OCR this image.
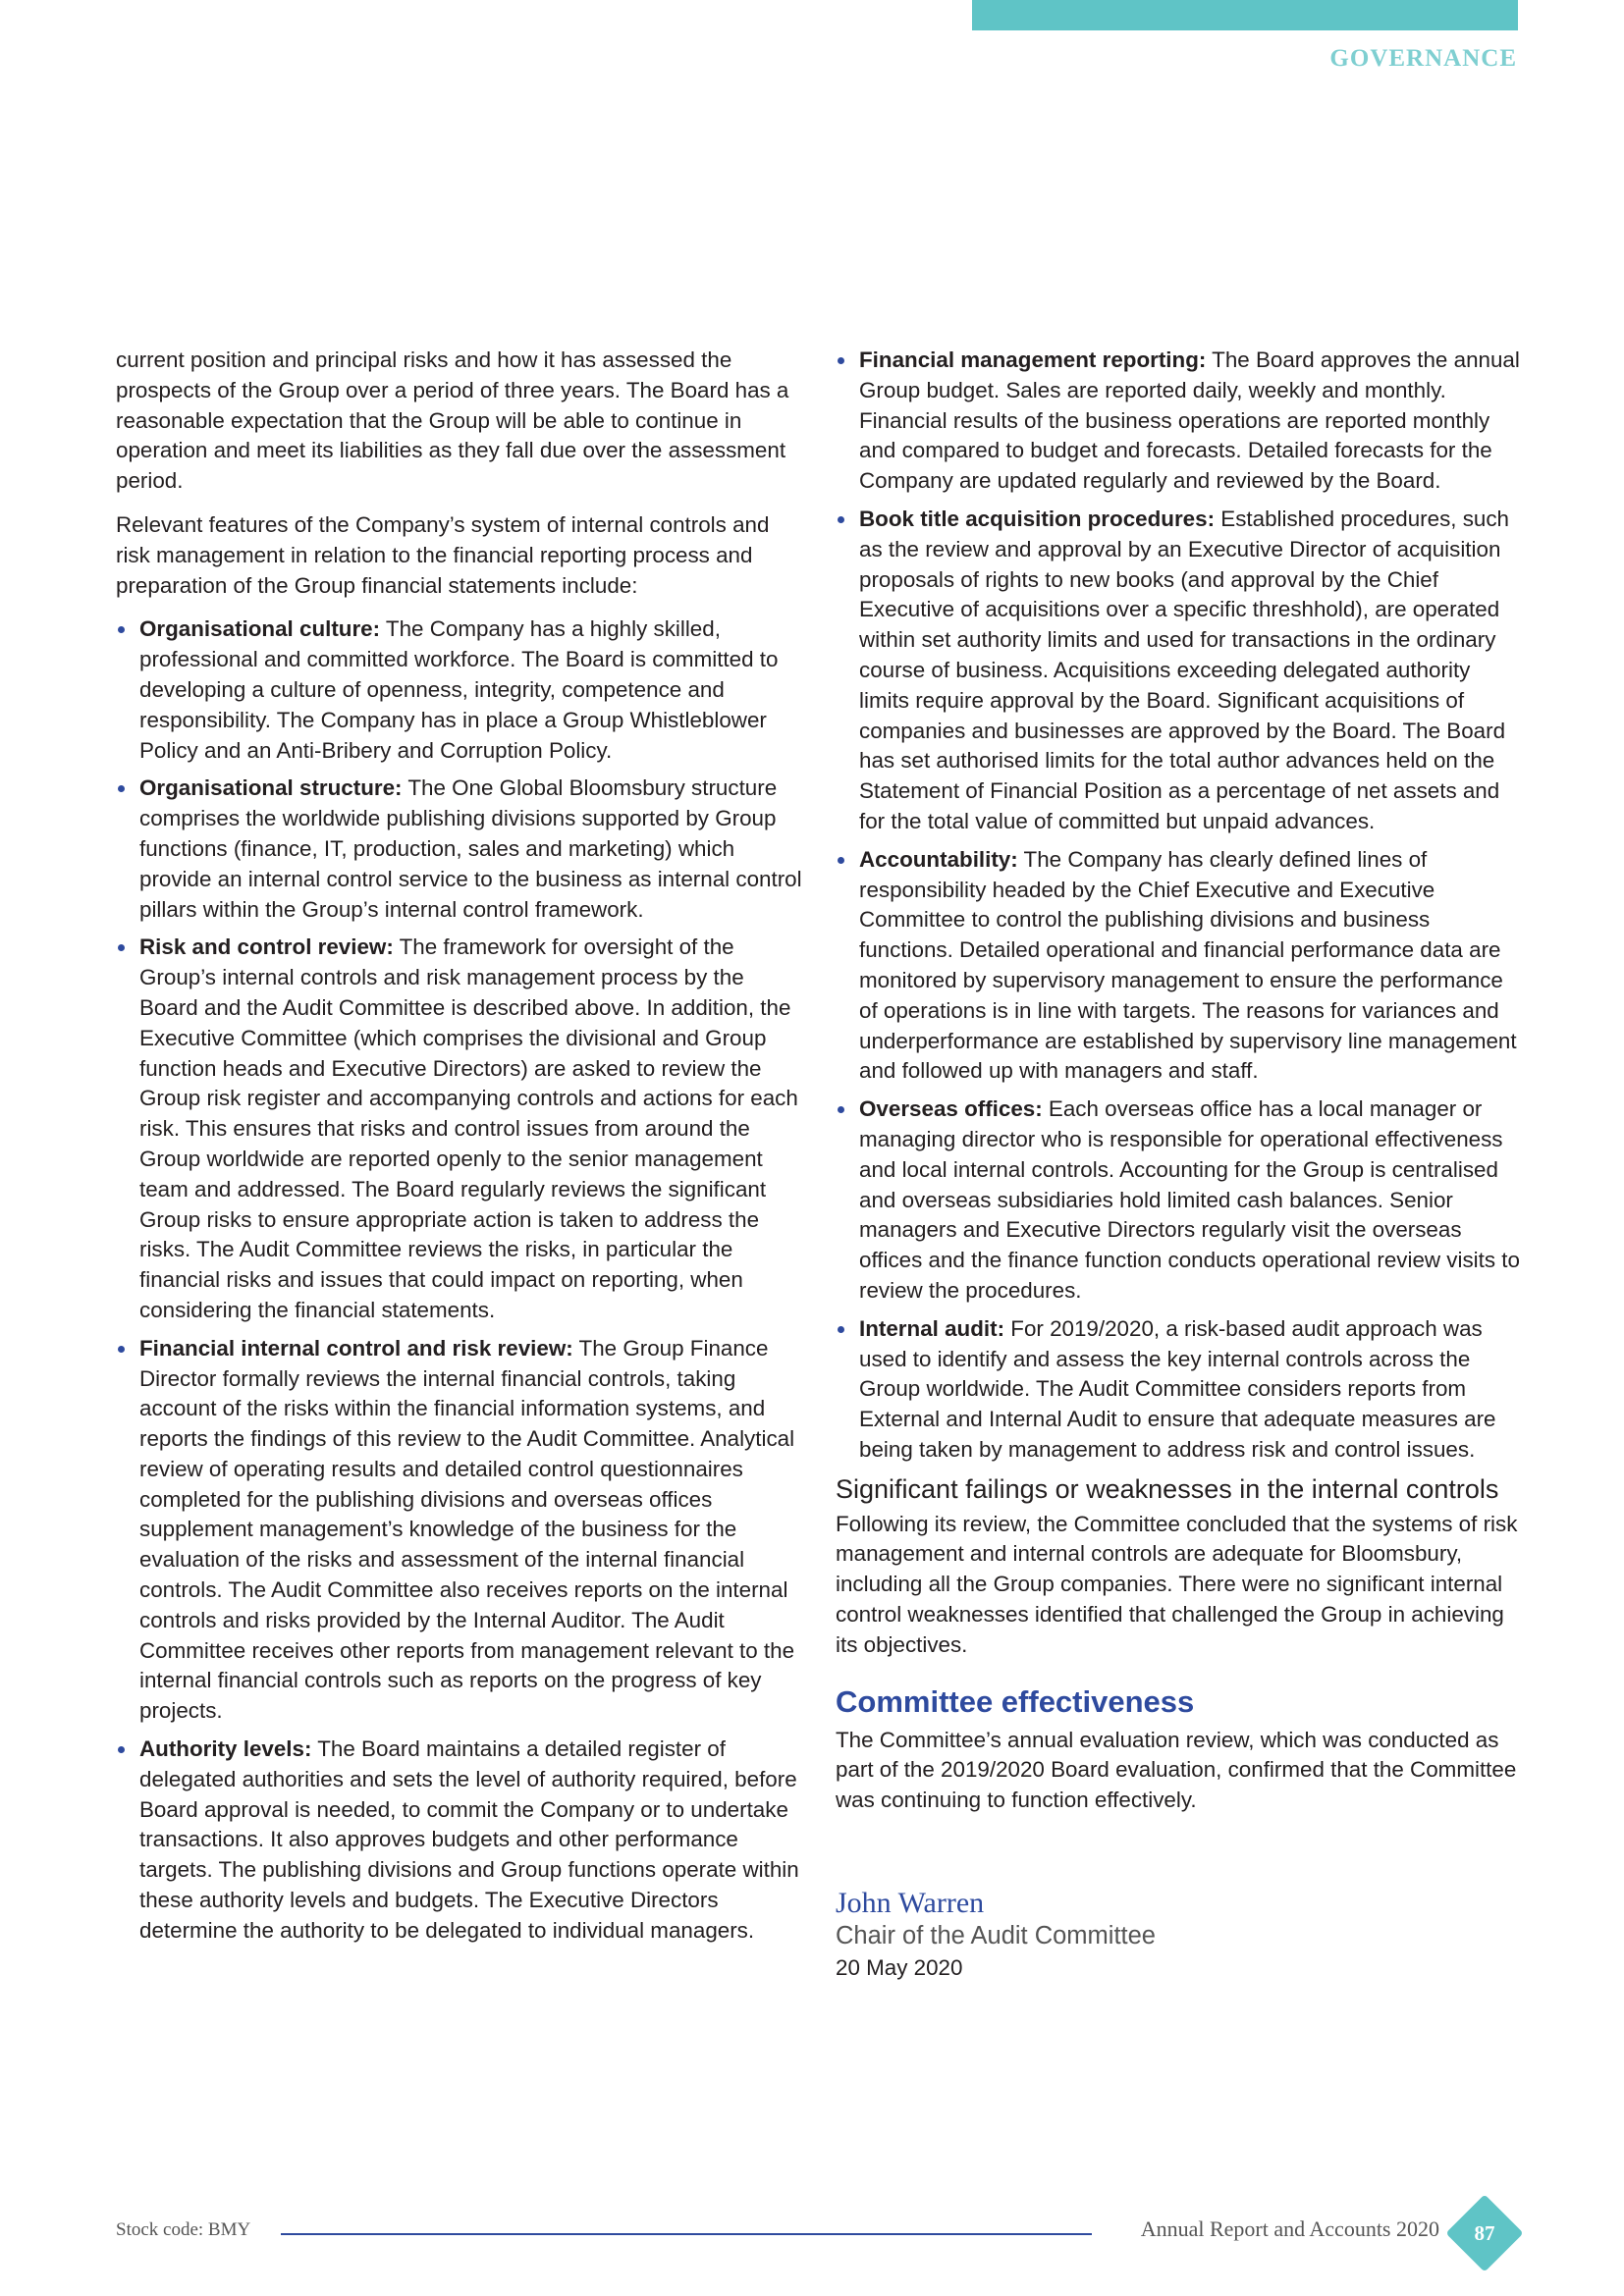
GOVERNANCE

current position and principal risks and how it has assessed the prospects of the Group over a period of three years. The Board has a reasonable expectation that the Group will be able to continue in operation and meet its liabilities as they fall due over the assessment period.

Relevant features of the Company’s system of internal controls and risk management in relation to the financial reporting process and preparation of the Group financial statements include:

Organisational culture: The Company has a highly skilled, professional and committed workforce. The Board is committed to developing a culture of openness, integrity, competence and responsibility. The Company has in place a Group Whistleblower Policy and an Anti-Bribery and Corruption Policy.
Organisational structure: The One Global Bloomsbury structure comprises the worldwide publishing divisions supported by Group functions (finance, IT, production, sales and marketing) which provide an internal control service to the business as internal control pillars within the Group’s internal control framework.
Risk and control review: The framework for oversight of the Group’s internal controls and risk management process by the Board and the Audit Committee is described above. In addition, the Executive Committee (which comprises the divisional and Group function heads and Executive Directors) are asked to review the Group risk register and accompanying controls and actions for each risk. This ensures that risks and control issues from around the Group worldwide are reported openly to the senior management team and addressed. The Board regularly reviews the significant Group risks to ensure appropriate action is taken to address the risks. The Audit Committee reviews the risks, in particular the financial risks and issues that could impact on reporting, when considering the financial statements.
Financial internal control and risk review: The Group Finance Director formally reviews the internal financial controls, taking account of the risks within the financial information systems, and reports the findings of this review to the Audit Committee. Analytical review of operating results and detailed control questionnaires completed for the publishing divisions and overseas offices supplement management’s knowledge of the business for the evaluation of the risks and assessment of the internal financial controls. The Audit Committee also receives reports on the internal controls and risks provided by the Internal Auditor. The Audit Committee receives other reports from management relevant to the internal financial controls such as reports on the progress of key projects.
Authority levels: The Board maintains a detailed register of delegated authorities and sets the level of authority required, before Board approval is needed, to commit the Company or to undertake transactions. It also approves budgets and other performance targets. The publishing divisions and Group functions operate within these authority levels and budgets. The Executive Directors determine the authority to be delegated to individual managers.
Financial management reporting: The Board approves the annual Group budget. Sales are reported daily, weekly and monthly. Financial results of the business operations are reported monthly and compared to budget and forecasts. Detailed forecasts for the Company are updated regularly and reviewed by the Board.
Book title acquisition procedures: Established procedures, such as the review and approval by an Executive Director of acquisition proposals of rights to new books (and approval by the Chief Executive of acquisitions over a specific threshhold), are operated within set authority limits and used for transactions in the ordinary course of business. Acquisitions exceeding delegated authority limits require approval by the Board. Significant acquisitions of companies and businesses are approved by the Board. The Board has set authorised limits for the total author advances held on the Statement of Financial Position as a percentage of net assets and for the total value of committed but unpaid advances.
Accountability: The Company has clearly defined lines of responsibility headed by the Chief Executive and Executive Committee to control the publishing divisions and business functions. Detailed operational and financial performance data are monitored by supervisory management to ensure the performance of operations is in line with targets. The reasons for variances and underperformance are established by supervisory line management and followed up with managers and staff.
Overseas offices: Each overseas office has a local manager or managing director who is responsible for operational effectiveness and local internal controls. Accounting for the Group is centralised and overseas subsidiaries hold limited cash balances. Senior managers and Executive Directors regularly visit the overseas offices and the finance function conducts operational review visits to review the procedures.
Internal audit: For 2019/2020, a risk-based audit approach was used to identify and assess the key internal controls across the Group worldwide. The Audit Committee considers reports from External and Internal Audit to ensure that adequate measures are being taken by management to address risk and control issues.
Significant failings or weaknesses in the internal controls

Following its review, the Committee concluded that the systems of risk management and internal controls are adequate for Bloomsbury, including all the Group companies. There were no significant internal control weaknesses identified that challenged the Group in achieving its objectives.

Committee effectiveness

The Committee’s annual evaluation review, which was conducted as part of the 2019/2020 Board evaluation, confirmed that the Committee was continuing to function effectively.

John Warren
Chair of the Audit Committee
20 May 2020
Stock code: BMY	Annual Report and Accounts 2020	87
